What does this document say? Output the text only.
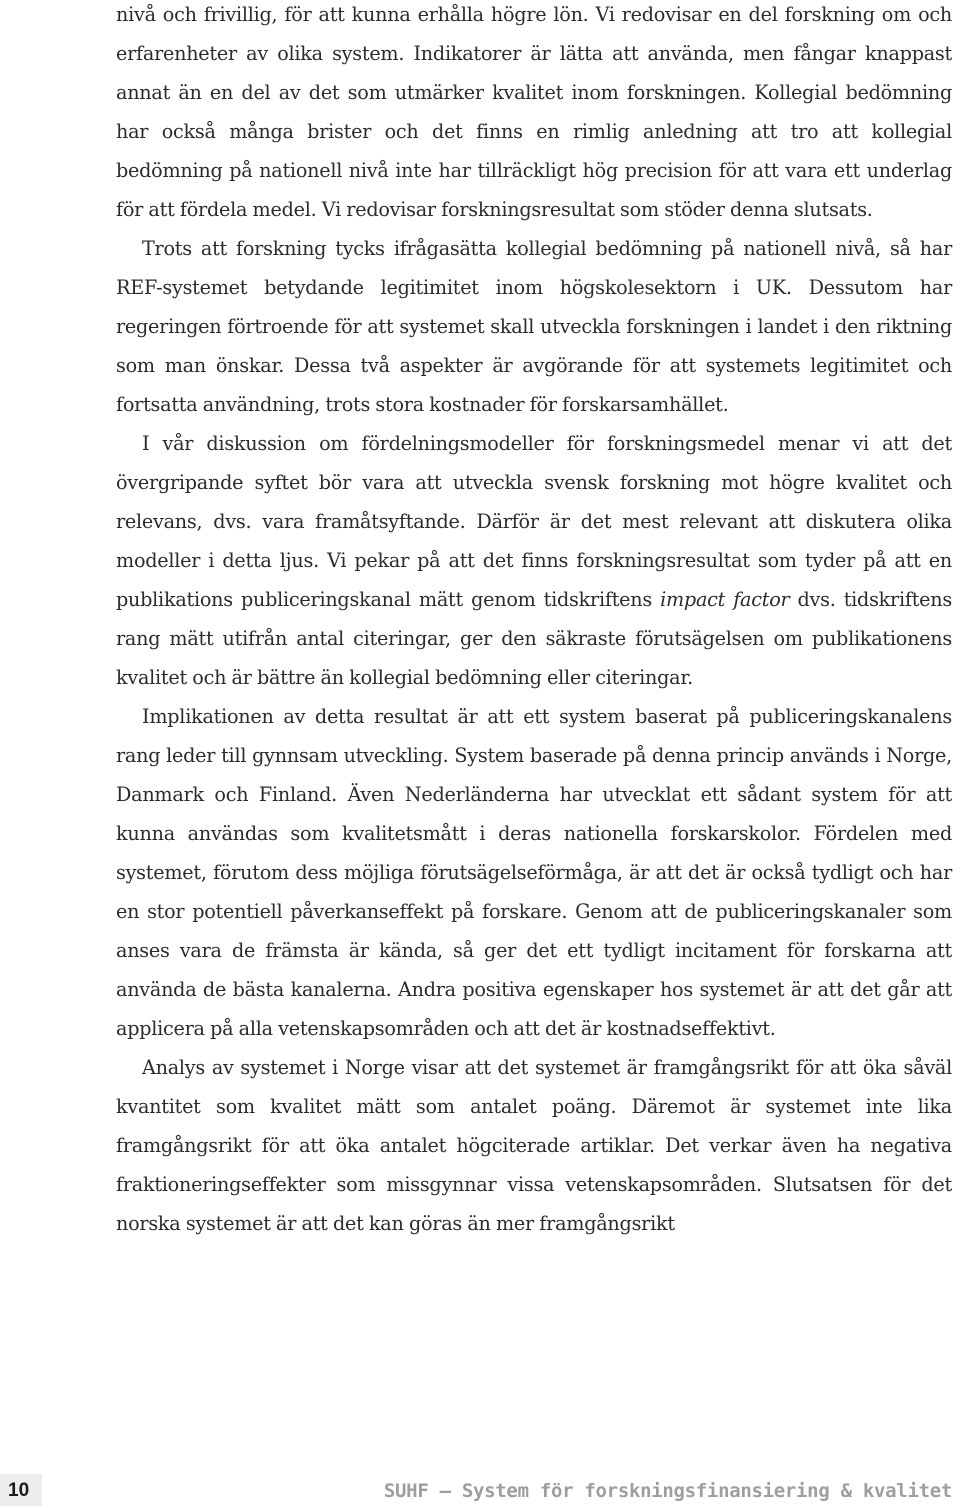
nivå och frivillig, för att kunna erhålla högre lön. Vi redovisar en del forskning om och erfarenheter av olika system. Indikatorer är lätta att använda, men fångar knappast annat än en del av det som utmärker kvalitet inom forskningen. Kollegial bedömning har också många brister och det finns en rimlig anledning att tro att kollegial bedömning på nationell nivå inte har tillräckligt hög precision för att vara ett underlag för att fördela medel. Vi redovisar forskningsresultat som stöder denna slutsats.

Trots att forskning tycks ifrågasätta kollegial bedömning på nationell nivå, så har REF-systemet betydande legitimitet inom högskolesektorn i UK. Dessutom har regeringen förtroende för att systemet skall utveckla forskningen i landet i den riktning som man önskar. Dessa två aspekter är avgörande för att systemets legitimitet och fortsatta användning, trots stora kostnader för forskarsamhället.

I vår diskussion om fördelningsmodeller för forskningsmedel menar vi att det övergripande syftet bör vara att utveckla svensk forskning mot högre kvalitet och relevans, dvs. vara framåtsyftande. Därför är det mest relevant att diskutera olika modeller i detta ljus. Vi pekar på att det finns forskningsresultat som tyder på att en publikations publiceringskanal mätt genom tidskriftens impact factor dvs. tidskriftens rang mätt utifrån antal citeringar, ger den säkraste förutsägelsen om publikationens kvalitet och är bättre än kollegial bedömning eller citeringar.

Implikationen av detta resultat är att ett system baserat på publiceringskanalens rang leder till gynnsam utveckling. System baserade på denna princip används i Norge, Danmark och Finland. Även Nederländerna har utvecklat ett sådant system för att kunna användas som kvalitetsmått i deras nationella forskarskolor. Fördelen med systemet, förutom dess möjliga förutsägelseförmåga, är att det är också tydligt och har en stor potentiell påverkanseffekt på forskare. Genom att de publiceringskanaler som anses vara de främsta är kända, så ger det ett tydligt incitament för forskarna att använda de bästa kanalerna. Andra positiva egenskaper hos systemet är att det går att applicera på alla vetenskapsområden och att det är kostnadseffektivt.

Analys av systemet i Norge visar att det systemet är framgångsrikt för att öka såväl kvantitet som kvalitet mätt som antalet poäng. Däremot är systemet inte lika framgångsrikt för att öka antalet högciterade artiklar. Det verkar även ha negativa fraktioneringseffekter som missgynnar vissa vetenskapsområden. Slutsatsen för det norska systemet är att det kan göras än mer framgångsrikt

10	SUHF – System för forskningsfinansiering & kvalitet
